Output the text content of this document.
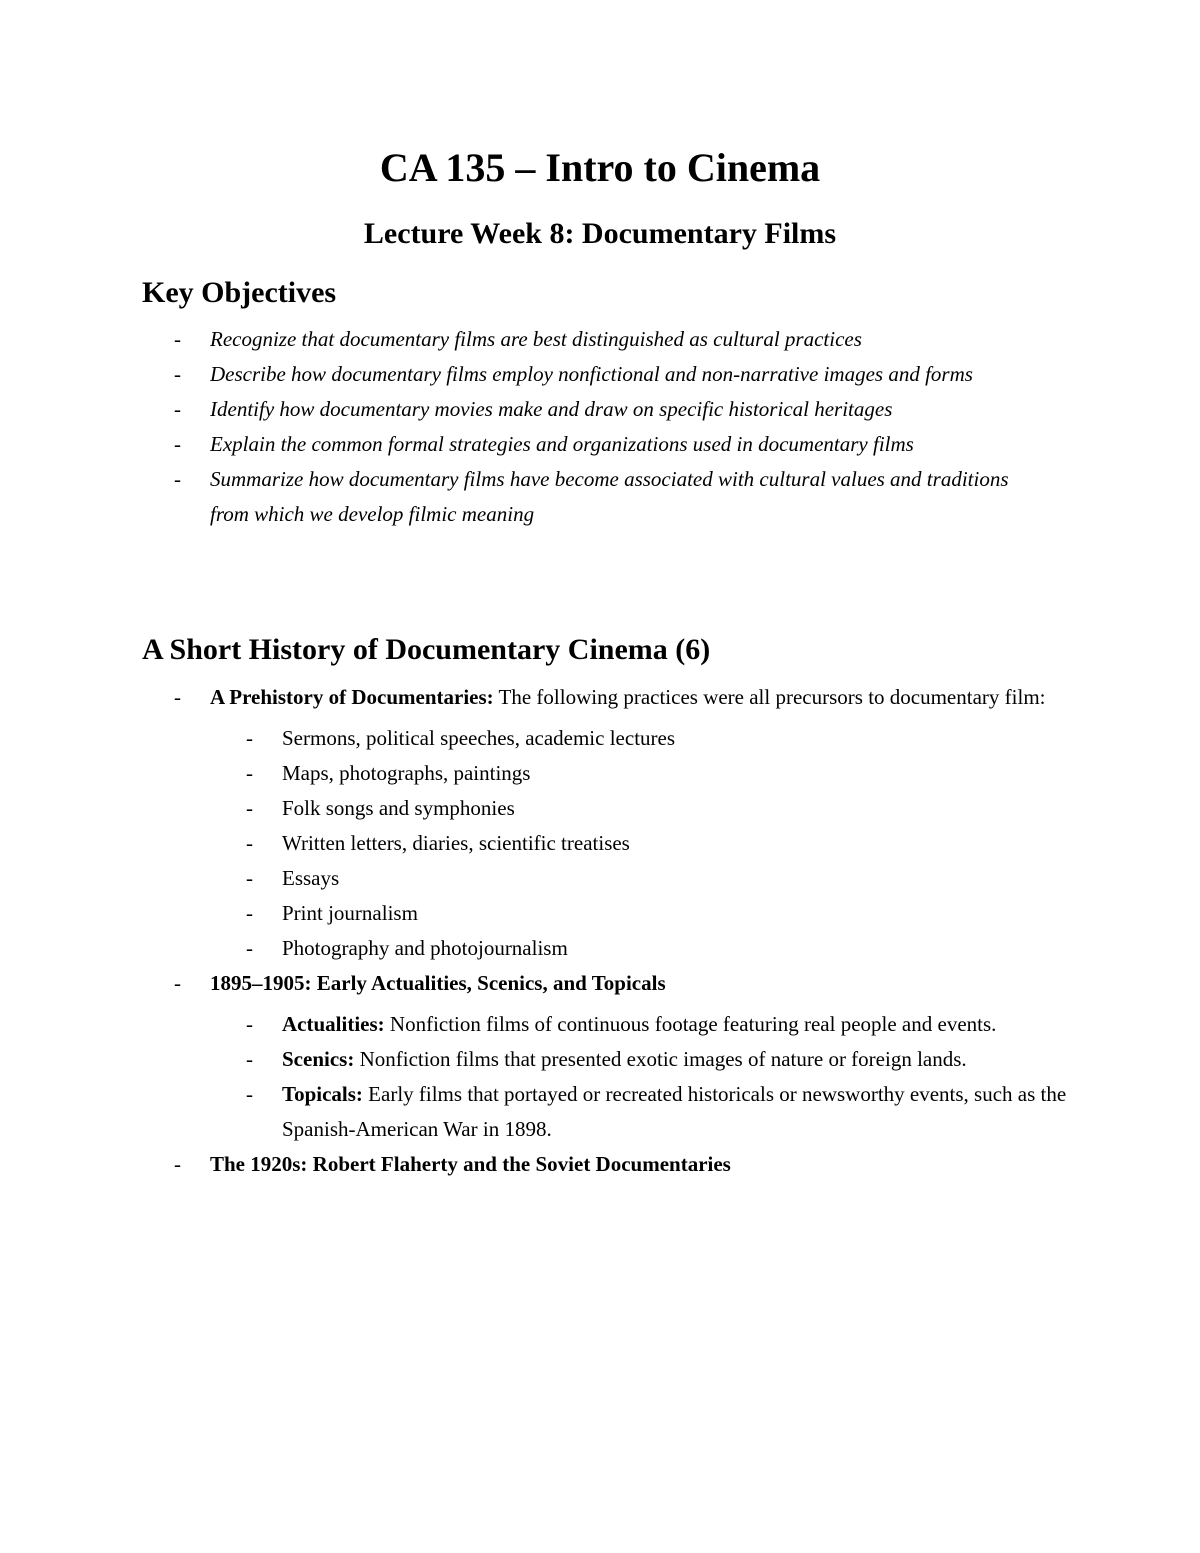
CA 135 – Intro to Cinema
Lecture Week 8: Documentary Films
Key Objectives
- Recognize that documentary films are best distinguished as cultural practices
- Describe how documentary films employ nonfictional and non-narrative images and forms
- Identify how documentary movies make and draw on specific historical heritages
- Explain the common formal strategies and organizations used in documentary films
- Summarize how documentary films have become associated with cultural values and traditions from which we develop filmic meaning
A Short History of Documentary Cinema (6)
- A Prehistory of Documentaries: The following practices were all precursors to documentary film:
- Sermons, political speeches, academic lectures
- Maps, photographs, paintings
- Folk songs and symphonies
- Written letters, diaries, scientific treatises
- Essays
- Print journalism
- Photography and photojournalism
- 1895–1905: Early Actualities, Scenics, and Topicals
- Actualities: Nonfiction films of continuous footage featuring real people and events.
- Scenics: Nonfiction films that presented exotic images of nature or foreign lands.
- Topicals: Early films that portayed or recreated historicals or newsworthy events, such as the Spanish-American War in 1898.
- The 1920s: Robert Flaherty and the Soviet Documentaries
